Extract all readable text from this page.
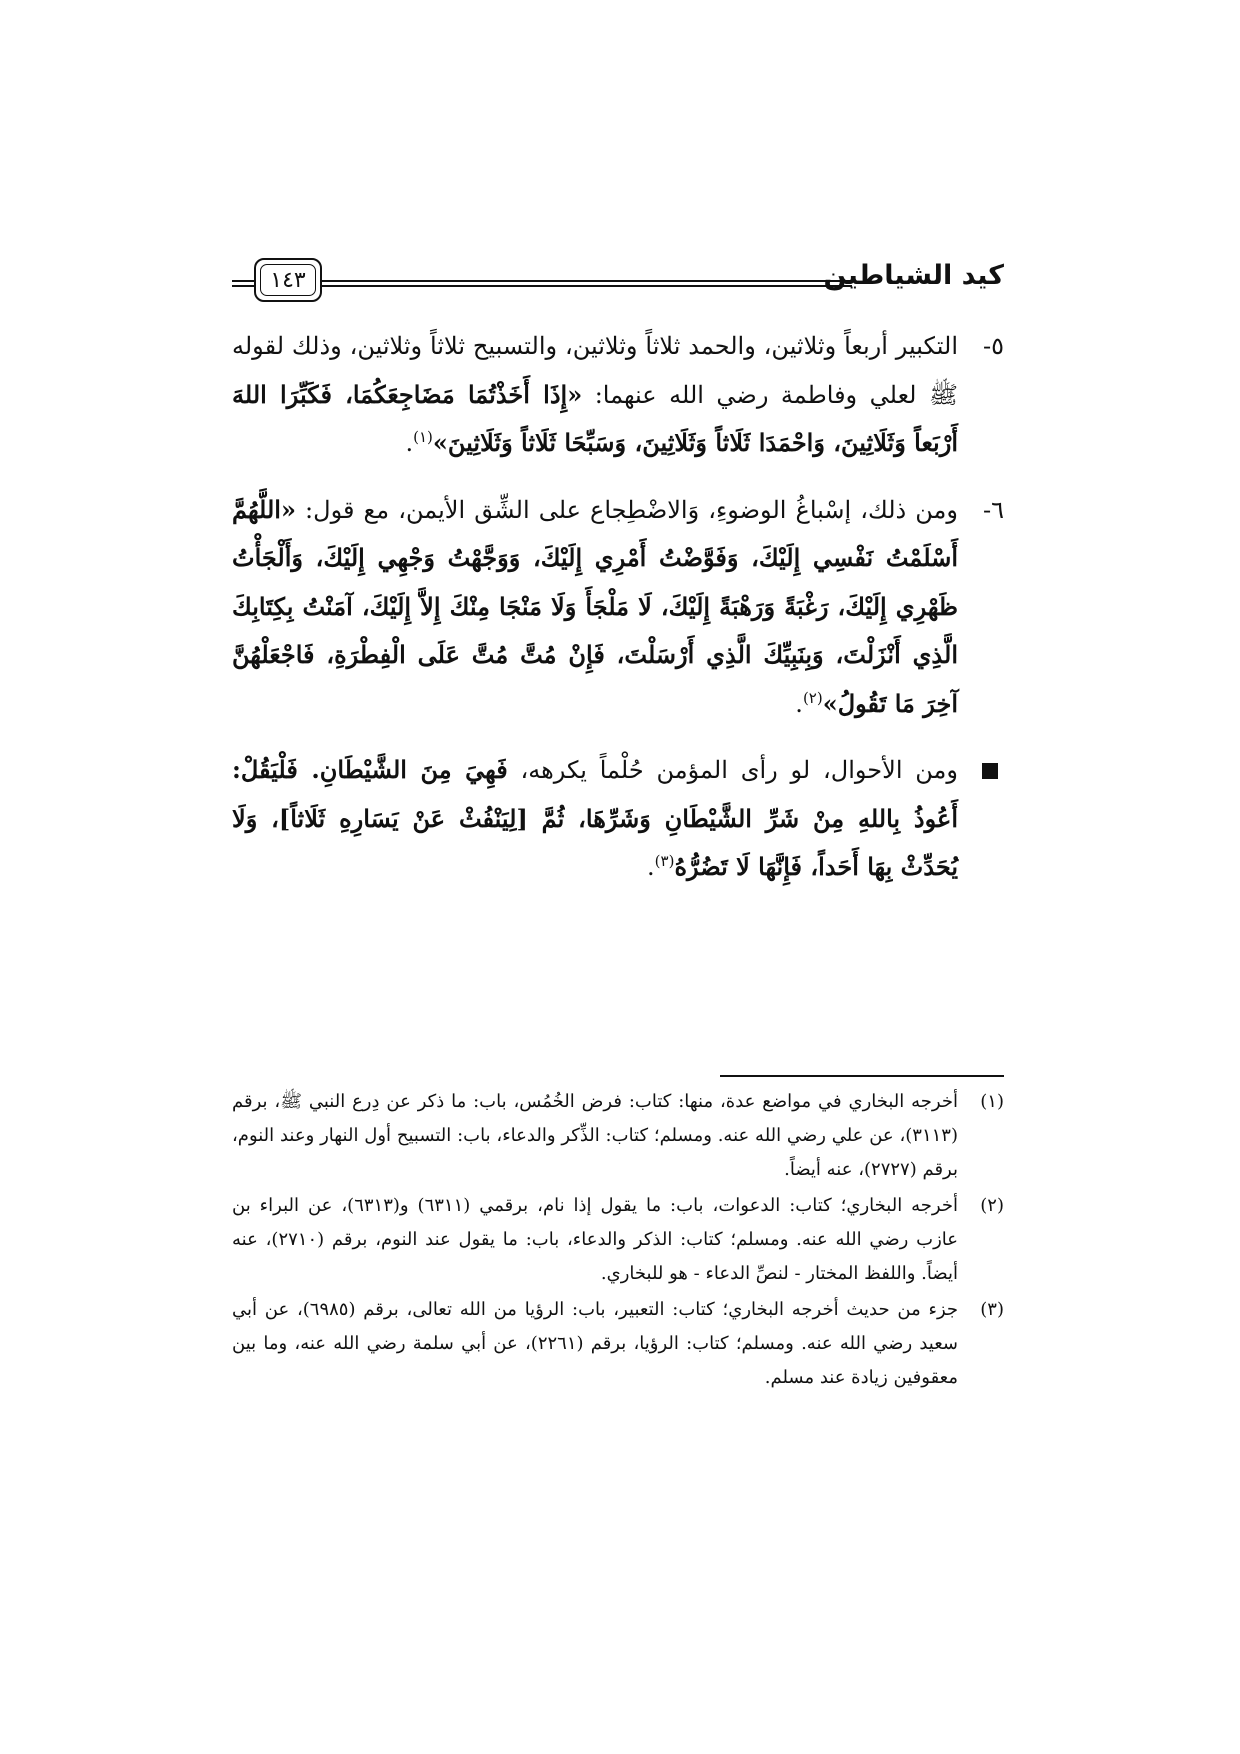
١٤٣	كيد الشياطين
٥-
التكبير أربعاً وثلاثين، والحمد ثلاثاً وثلاثين، والتسبيح ثلاثاً وثلاثين، وذلك لقوله ﷺ لعلي وفاطمة رضي الله عنهما: «إِذَا أَخَذْتُمَا مَضَاجِعَكُمَا، فَكَبِّرَا اللهَ أَرْبَعاً وَثَلَاثِينَ، وَاحْمَدَا ثَلَاثاً وَثَلَاثِينَ، وَسَبِّحَا ثَلَاثاً وَثَلَاثِينَ»$^{(١)}$.
٦-
ومن ذلك، إسْباغُ الوضوءِ، وَالاضْطِجاع على الشِّق الأيمن، مع قول: «اللَّهُمَّ أَسْلَمْتُ نَفْسِي إِلَيْكَ، وَفَوَّضْتُ أَمْرِي إِلَيْكَ، وَوَجَّهْتُ وَجْهِي إِلَيْكَ، وَأَلْجَأْتُ ظَهْرِي إِلَيْكَ، رَغْبَةً وَرَهْبَةً إِلَيْكَ، لَا مَلْجَأَ وَلَا مَنْجَا مِنْكَ إِلاَّ إِلَيْكَ، آمَنْتُ بِكِتَابِكَ الَّذِي أَنْزَلْتَ، وَبِنَبِيِّكَ الَّذِي أَرْسَلْتَ، فَإِنْ مُتَّ مُتَّ عَلَى الْفِطْرَةِ، فَاجْعَلْهُنَّ آخِرَ مَا تَقُولُ»$^{(٢)}$.
ومن الأحوال، لو رأى المؤمن حُلْماً يكرهه، فَهِيَ مِنَ الشَّيْطَانِ. فَلْيَقُلْ: أَعُوذُ بِاللهِ مِنْ شَرِّ الشَّيْطَانِ وَشَرِّهَا، ثُمَّ [لِيَنْفُثْ عَنْ يَسَارِهِ ثَلَاثاً]، وَلَا يُحَدِّثْ بِهَا أَحَداً، فَإِنَّهَا لَا تَضُرُّهُ$^{(٣)}$.
(١)
أخرجه البخاري في مواضع عدة، منها: كتاب: فرض الخُمُس، باب: ما ذكر عن دِرع النبي ﷺ، برقم (٣١١٣)، عن علي رضي الله عنه. ومسلم؛ كتاب: الذِّكر والدعاء، باب: التسبيح أول النهار وعند النوم، برقم (٢٧٢٧)، عنه أيضاً.
(٢)
أخرجه البخاري؛ كتاب: الدعوات، باب: ما يقول إذا نام، برقمي (٦٣١١) و(٦٣١٣)، عن البراء بن عازب رضي الله عنه. ومسلم؛ كتاب: الذكر والدعاء، باب: ما يقول عند النوم، برقم (٢٧١٠)، عنه أيضاً. واللفظ المختار - لنصِّ الدعاء - هو للبخاري.
(٣)
جزء من حديث أخرجه البخاري؛ كتاب: التعبير، باب: الرؤيا من الله تعالى، برقم (٦٩٨٥)، عن أبي سعيد رضي الله عنه. ومسلم؛ كتاب: الرؤيا، برقم (٢٢٦١)، عن أبي سلمة رضي الله عنه، وما بين معقوفين زيادة عند مسلم.
